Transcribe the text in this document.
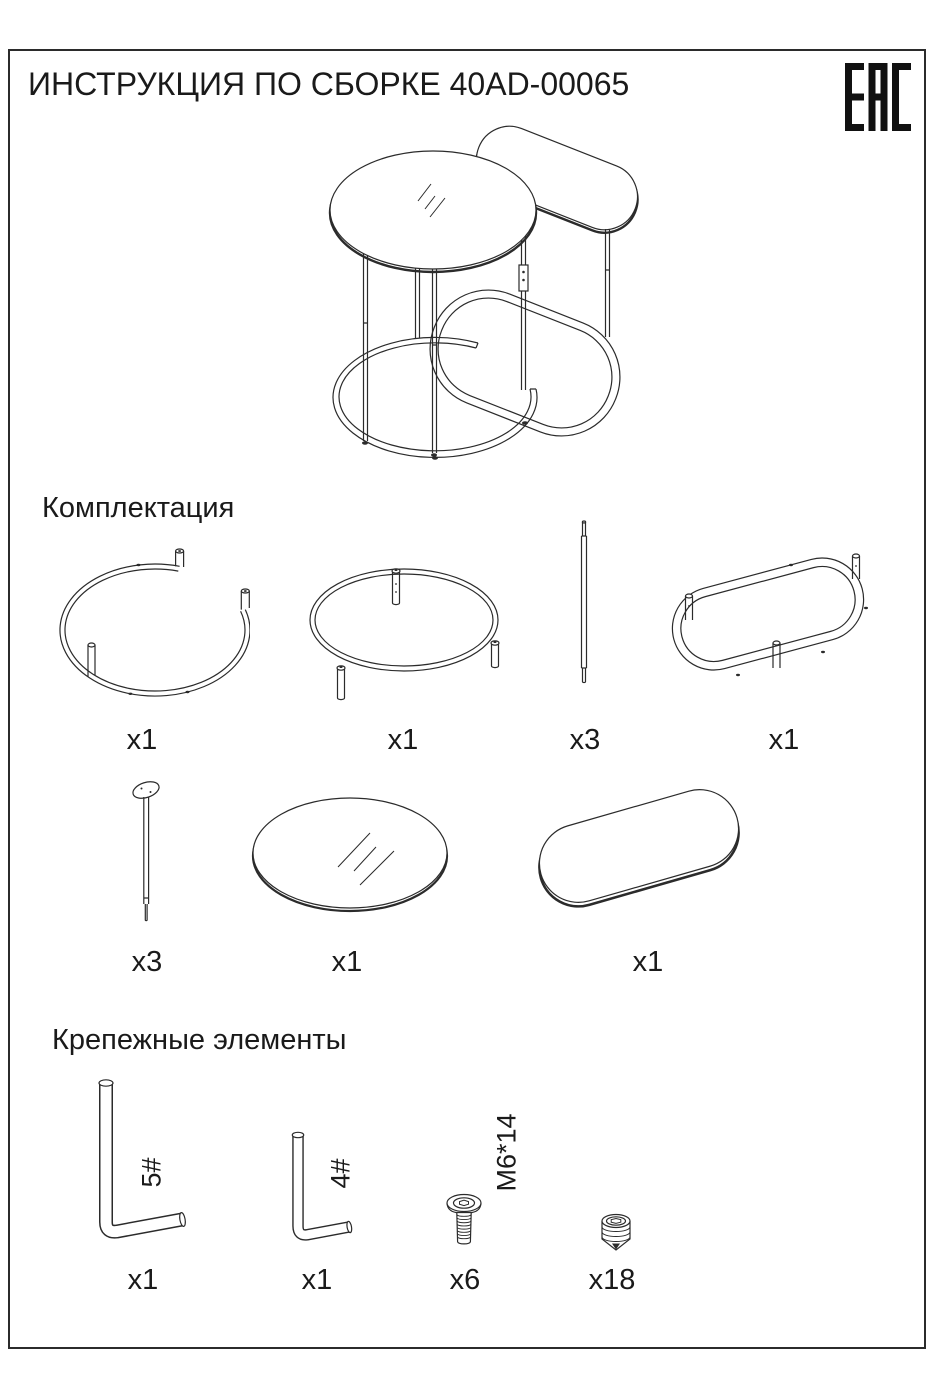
ИНСТРУКЦИЯ ПО СБОРКЕ 40AD-00065
Комплектация
x1	x1	x3	x1
x3	x1	x1
Крепежные элементы
5#
x1
4#
x1
M6*14
x6	x18
